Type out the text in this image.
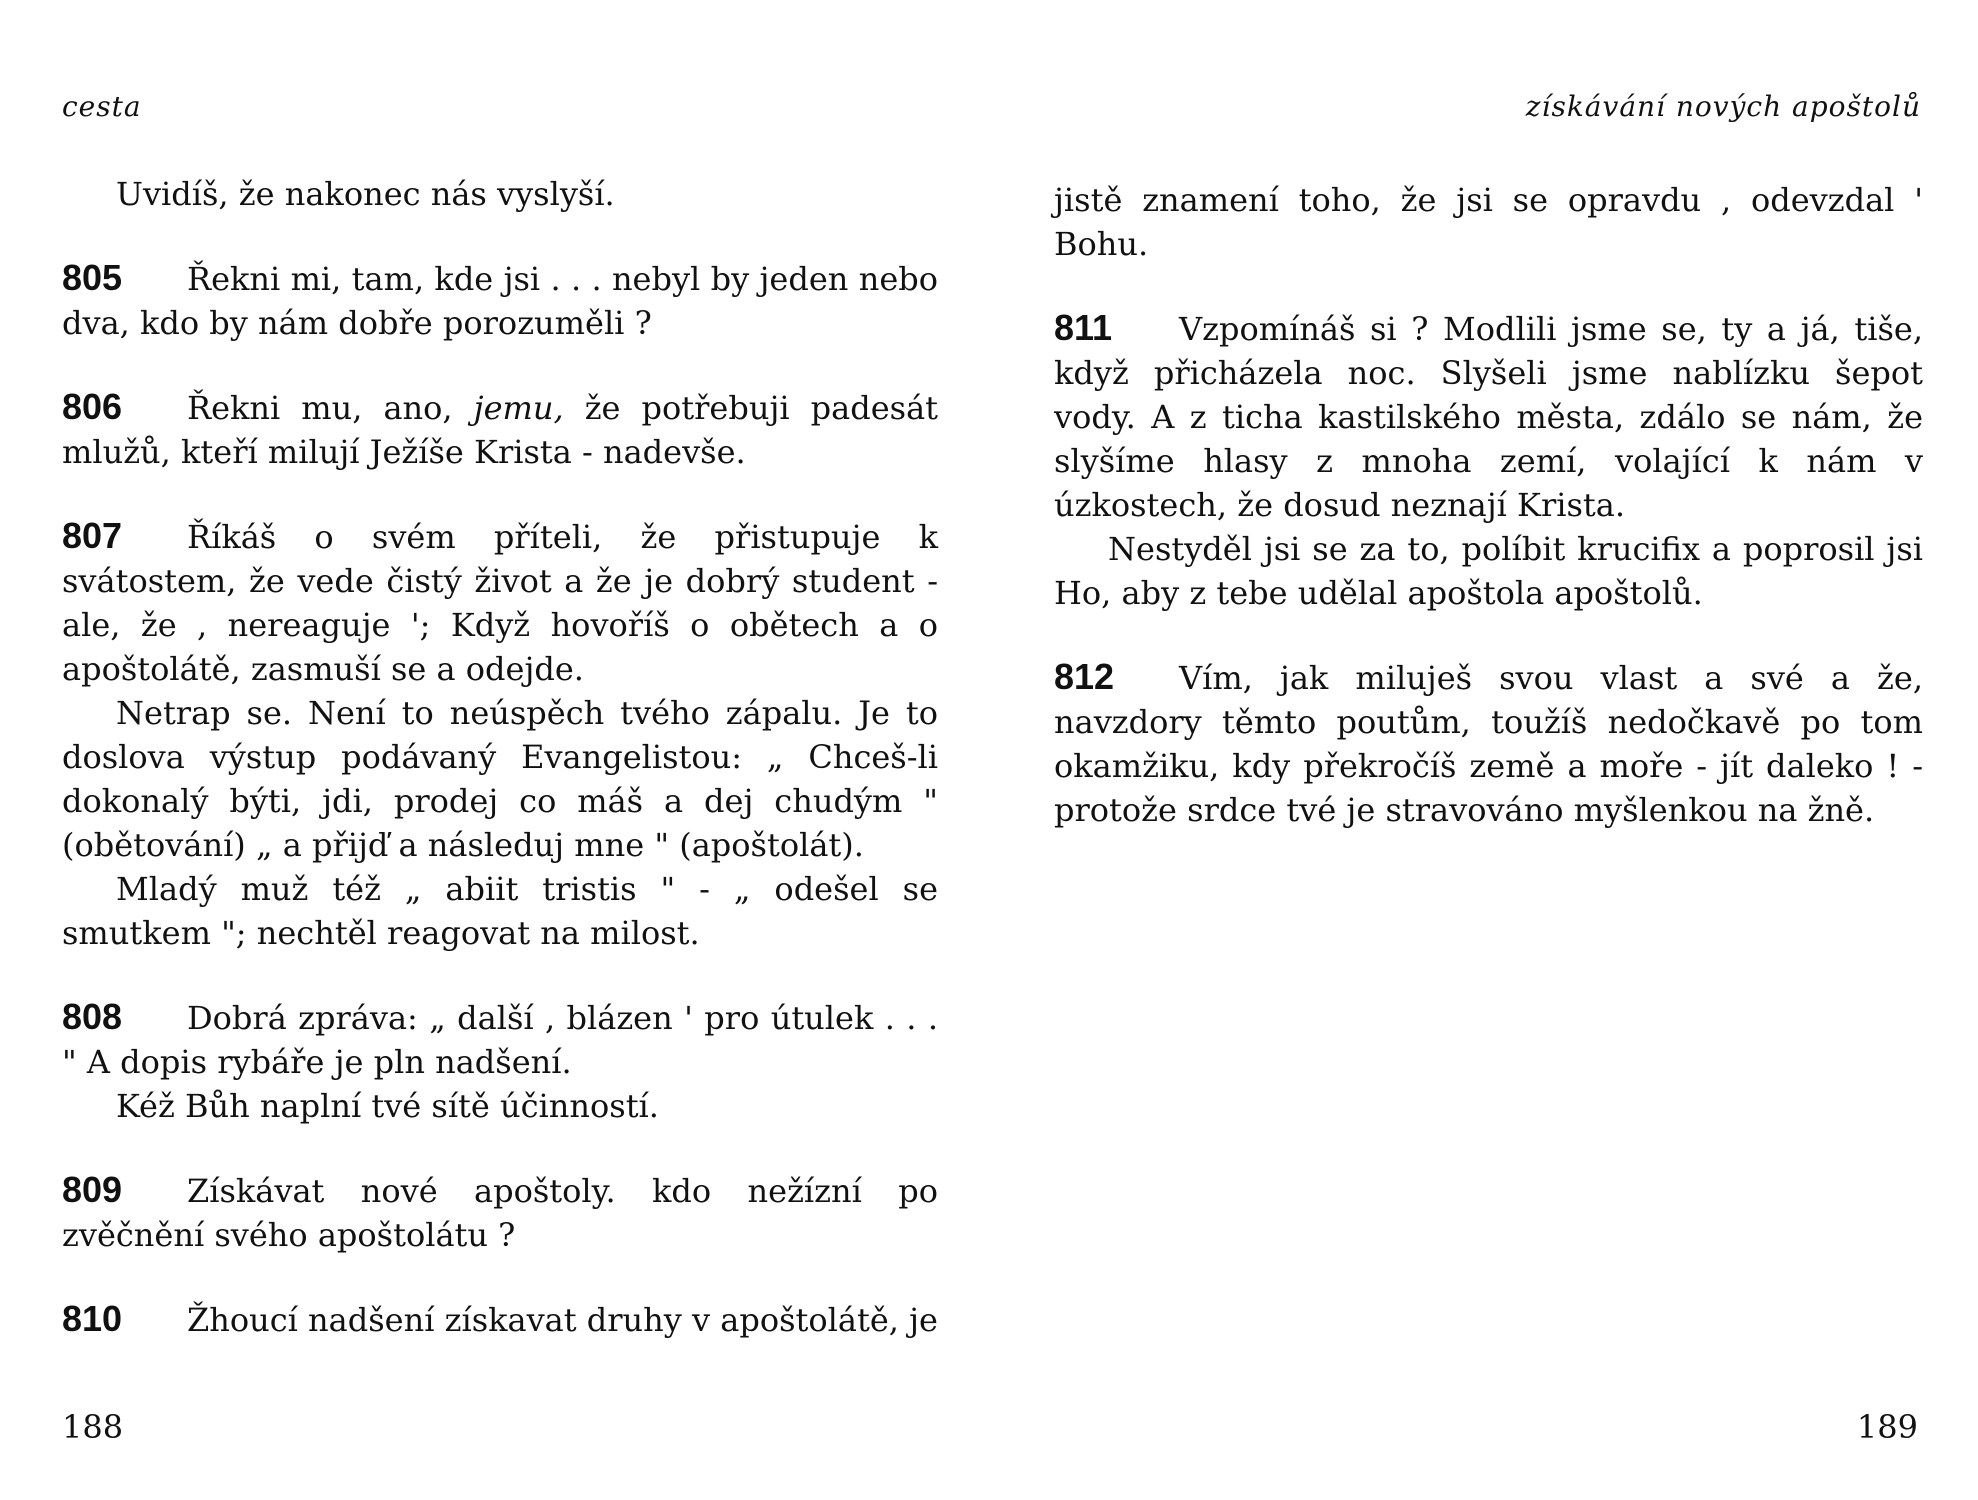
cesta

Uvidíš, že nakonec nás vyslyší.

805 Řekni mi, tam, kde jsi . . . nebyl by jeden nebo dva, kdo by nám dobře porozuměli ?

806 Řekni mu, ano, jemu, že potřebuji padesát mlužů, kteří milují Ježíše Krista - nadevše.

807 Říkáš o svém příteli, že přistupuje k svátostem, že vede čistý život a že je dobrý student - ale, že , nereaguje '; Když hovoříš o obětech a o apoštolátě, zasmuší se a odejde.

Netrap se. Není to neúspěch tvého zápalu. Je to doslova výstup podávaný Evangelistou: „ Chceš-li dokonalý býti, jdi, prodej co máš a dej chudým " (obětování) „ a přijď a následuj mne " (apoštolát).

Mladý muž též „ abiit tristis " - „ odešel se smutkem "; nechtěl reagovat na milost.

808 Dobrá zpráva: „ další , blázen ' pro útulek . . . " A dopis rybáře je pln nadšení.

Kéž Bůh naplní tvé sítě účinností.

809 Získávat nové apoštoly. kdo nežízní po zvěčnění svého apoštolátu ?

810 Žhoucí nadšení získavat druhy v apoštolátě, je

188
získávání nových apoštolů

jistě znamení toho, že jsi se opravdu , odevzdal ' Bohu.

811 Vzpomínáš si ? Modlili jsme se, ty a já, tiše, když přicházela noc. Slyšeli jsme nablízku šepot vody. A z ticha kastilského města, zdálo se nám, že slyšíme hlasy z mnoha zemí, volající k nám v úzkostech, že dosud neznají Krista.

Nestyděl jsi se za to, políbit krucifix a poprosil jsi Ho, aby z tebe udělal apoštola apoštolů.

812 Vím, jak miluješ svou vlast a své a že, navzdory těmto poutům, toužíš nedočkavě po tom okamžiku, kdy překročíš země a moře - jít daleko ! - protože srdce tvé je stravováno myšlenkou na žně.

189
